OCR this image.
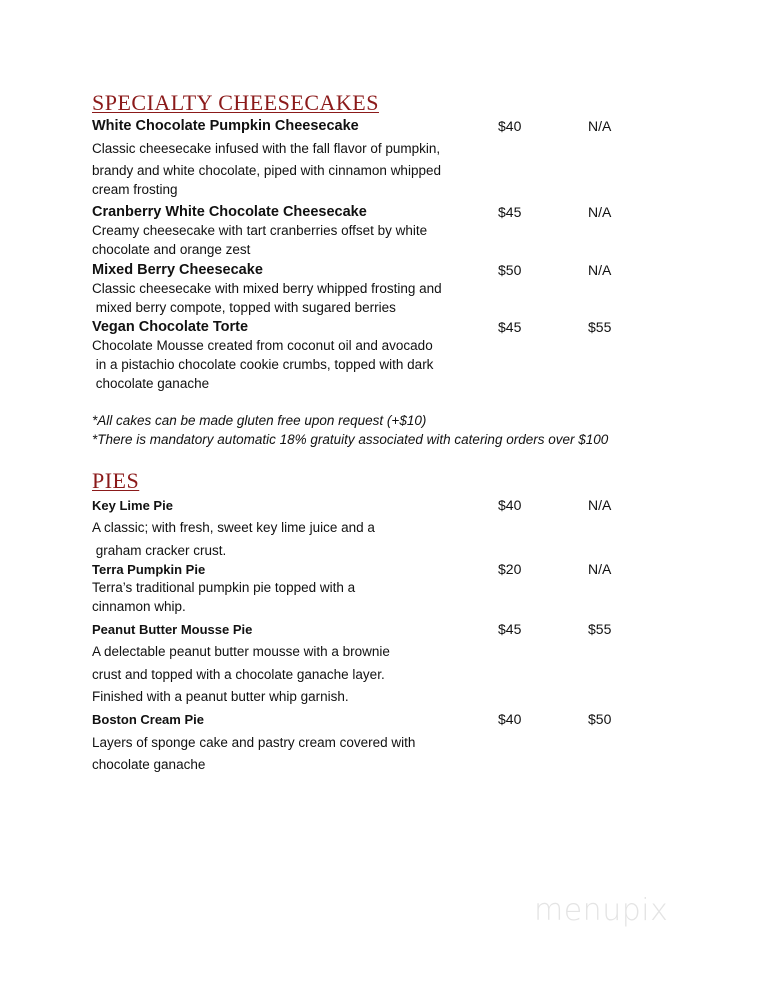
SPECIALTY CHEESECAKES
White Chocolate Pumpkin Cheesecake	$40	N/A
Classic cheesecake infused with the fall flavor of pumpkin,
brandy and white chocolate, piped with cinnamon whipped
cream frosting
Cranberry White Chocolate Cheesecake	$45	N/A
Creamy cheesecake with tart cranberries offset by white
chocolate and orange zest
Mixed Berry Cheesecake	$50	N/A
Classic cheesecake with mixed berry whipped frosting and
mixed berry compote, topped with sugared berries
Vegan Chocolate Torte	$45	$55
Chocolate Mousse created from coconut oil and avocado
in a pistachio chocolate cookie crumbs, topped with dark
chocolate ganache
*All cakes can be made gluten free upon request (+$10)
*There is mandatory automatic 18% gratuity associated with catering orders over $100
PIES
Key Lime Pie	$40	N/A
A classic; with fresh, sweet key lime juice and a
graham cracker crust.
Terra Pumpkin Pie	$20	N/A
Terra’s traditional pumpkin pie topped with a
cinnamon whip.
Peanut Butter Mousse Pie	$45	$55
A delectable peanut butter mousse with a brownie
crust and topped with a chocolate ganache layer.
Finished with a peanut butter whip garnish.
Boston Cream Pie	$40	$50
Layers of sponge cake and pastry cream covered with
chocolate ganache
menupix
